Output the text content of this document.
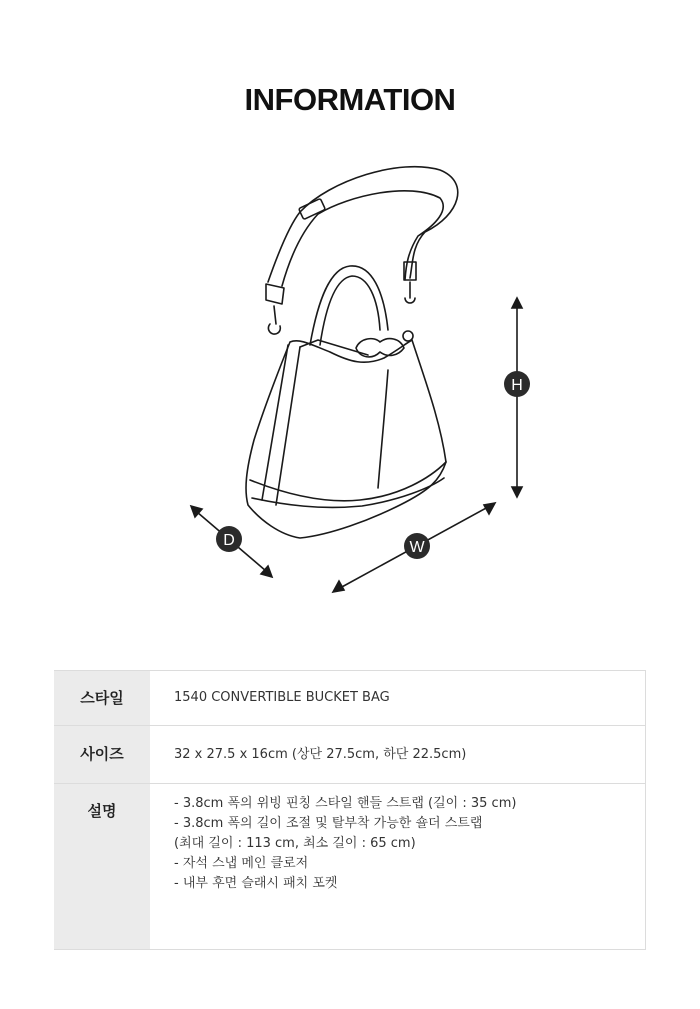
INFORMATION
H
W
D
스타일	1540 CONVERTIBLE BUCKET BAG
사이즈	32 x 27.5 x 16cm (상단 27.5cm, 하단 22.5cm)
설명	- 3.8cm 폭의 위빙 핀칭 스타일 핸들 스트랩 (길이 : 35 cm)
- 3.8cm 폭의 길이 조절 및 탈부착 가능한 숄더 스트랩
(최대 길이 : 113 cm, 최소 길이 : 65 cm)
- 자석 스냅 메인 클로저
- 내부 후면 슬래시 패치 포켓
